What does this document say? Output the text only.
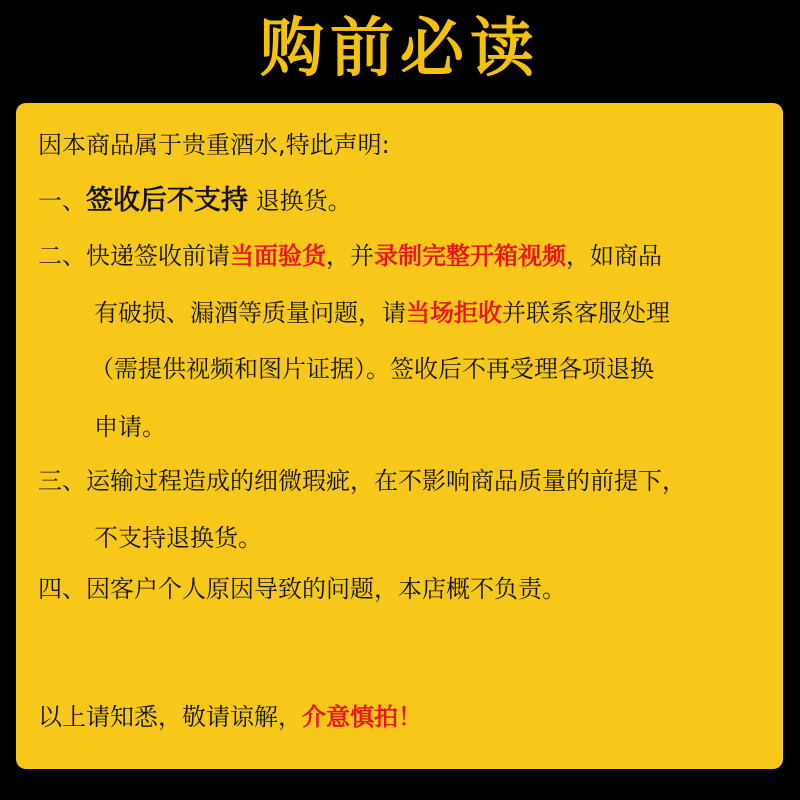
购前必读
因本商品属于贵重酒水,特此声明:
一、签收后不支持 退换货。
二、快递签收前请当面验货，并录制完整开箱视频，如商品
有破损、漏酒等质量问题，请当场拒收并联系客服处理
（需提供视频和图片证据）。签收后不再受理各项退换
申请。
三、运输过程造成的细微瑕疵，在不影响商品质量的前提下，
不支持退换货。
四、因客户个人原因导致的问题，本店概不负责。
以上请知悉，敬请谅解，介意慎拍！
